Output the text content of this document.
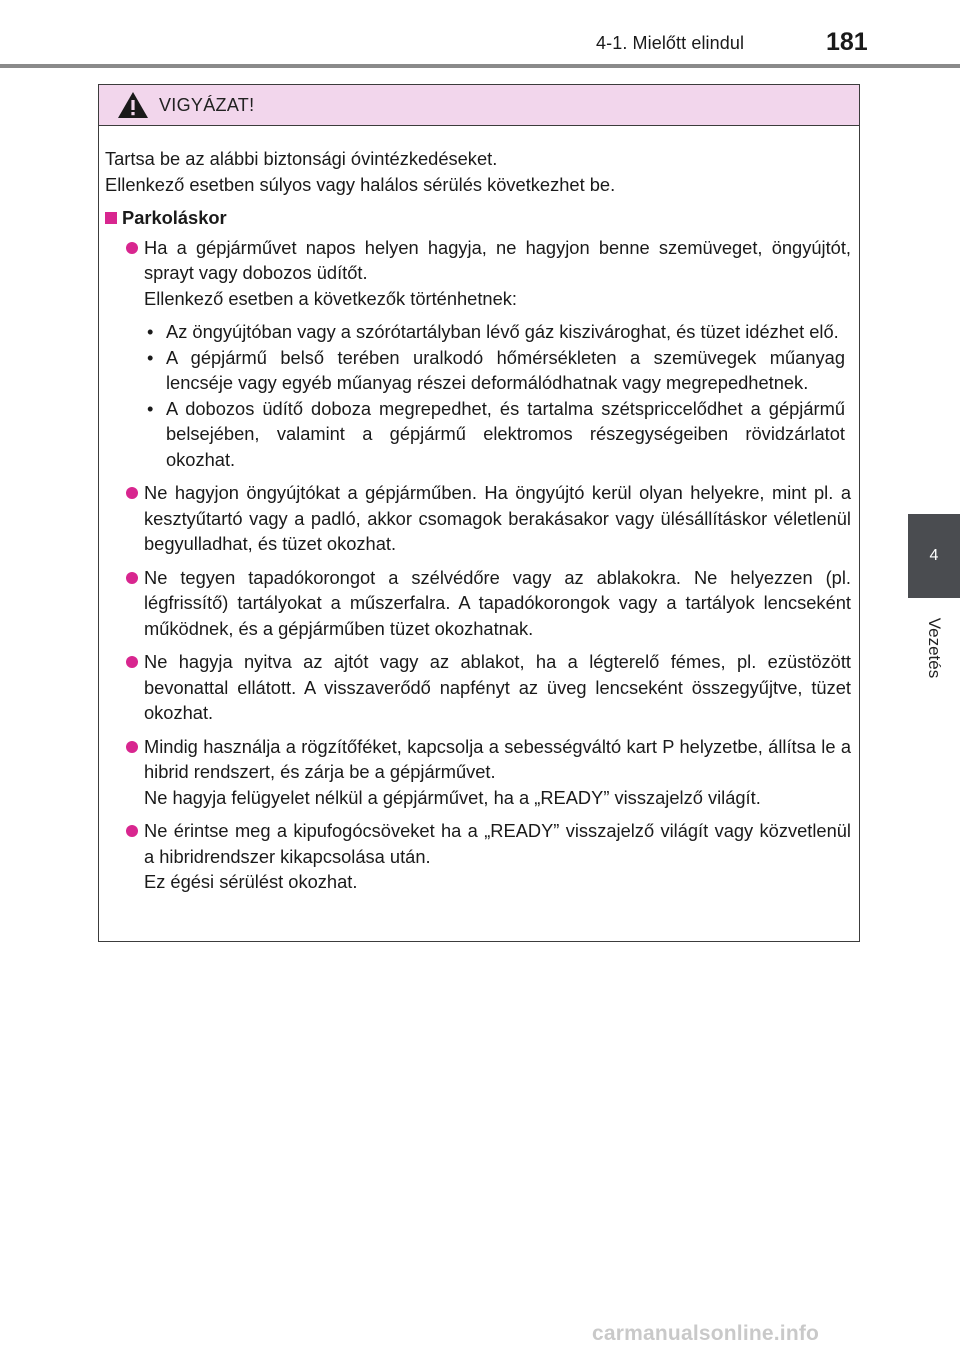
4-1. Mielőtt elindul	181
4
Vezetés
VIGYÁZAT!
Tartsa be az alábbi biztonsági óvintézkedéseket.
Ellenkező esetben súlyos vagy halálos sérülés következhet be.
Parkoláskor
Ha a gépjárművet napos helyen hagyja, ne hagyjon benne szemüveget, öngyújtót, sprayt vagy dobozos üdítőt.
Ellenkező esetben a következők történhetnek:
• Az öngyújtóban vagy a szórótartályban lévő gáz kiszivároghat, és tüzet idézhet elő.
• A gépjármű belső terében uralkodó hőmérsékleten a szemüvegek műanyag lencséje vagy egyéb műanyag részei deformálódhatnak vagy megrepedhetnek.
• A dobozos üdítő doboza megrepedhet, és tartalma szétspriccelődhet a gépjármű belsejében, valamint a gépjármű elektromos részegységeiben rövidzárlatot okozhat.
Ne hagyjon öngyújtókat a gépjárműben. Ha öngyújtó kerül olyan helyekre, mint pl. a kesztyűtartó vagy a padló, akkor csomagok berakásakor vagy ülésállításkor véletlenül begyulladhat, és tüzet okozhat.
Ne tegyen tapadókorongot a szélvédőre vagy az ablakokra. Ne helyezzen (pl. légfrissítő) tartályokat a műszerfalra. A tapadókorongok vagy a tartályok lencseként működnek, és a gépjárműben tüzet okozhatnak.
Ne hagyja nyitva az ajtót vagy az ablakot, ha a légterelő fémes, pl. ezüstözött bevonattal ellátott. A visszaverődő napfényt az üveg lencseként összegyűjtve, tüzet okozhat.
Mindig használja a rögzítőféket, kapcsolja a sebességváltó kart P helyzetbe, állítsa le a hibrid rendszert, és zárja be a gépjárművet.
Ne hagyja felügyelet nélkül a gépjárművet, ha a „READY” visszajelző világít.
Ne érintse meg a kipufogócsöveket ha a „READY” visszajelző világít vagy közvetlenül a hibridrendszer kikapcsolása után.
Ez égési sérülést okozhat.
carmanualsonline.info
